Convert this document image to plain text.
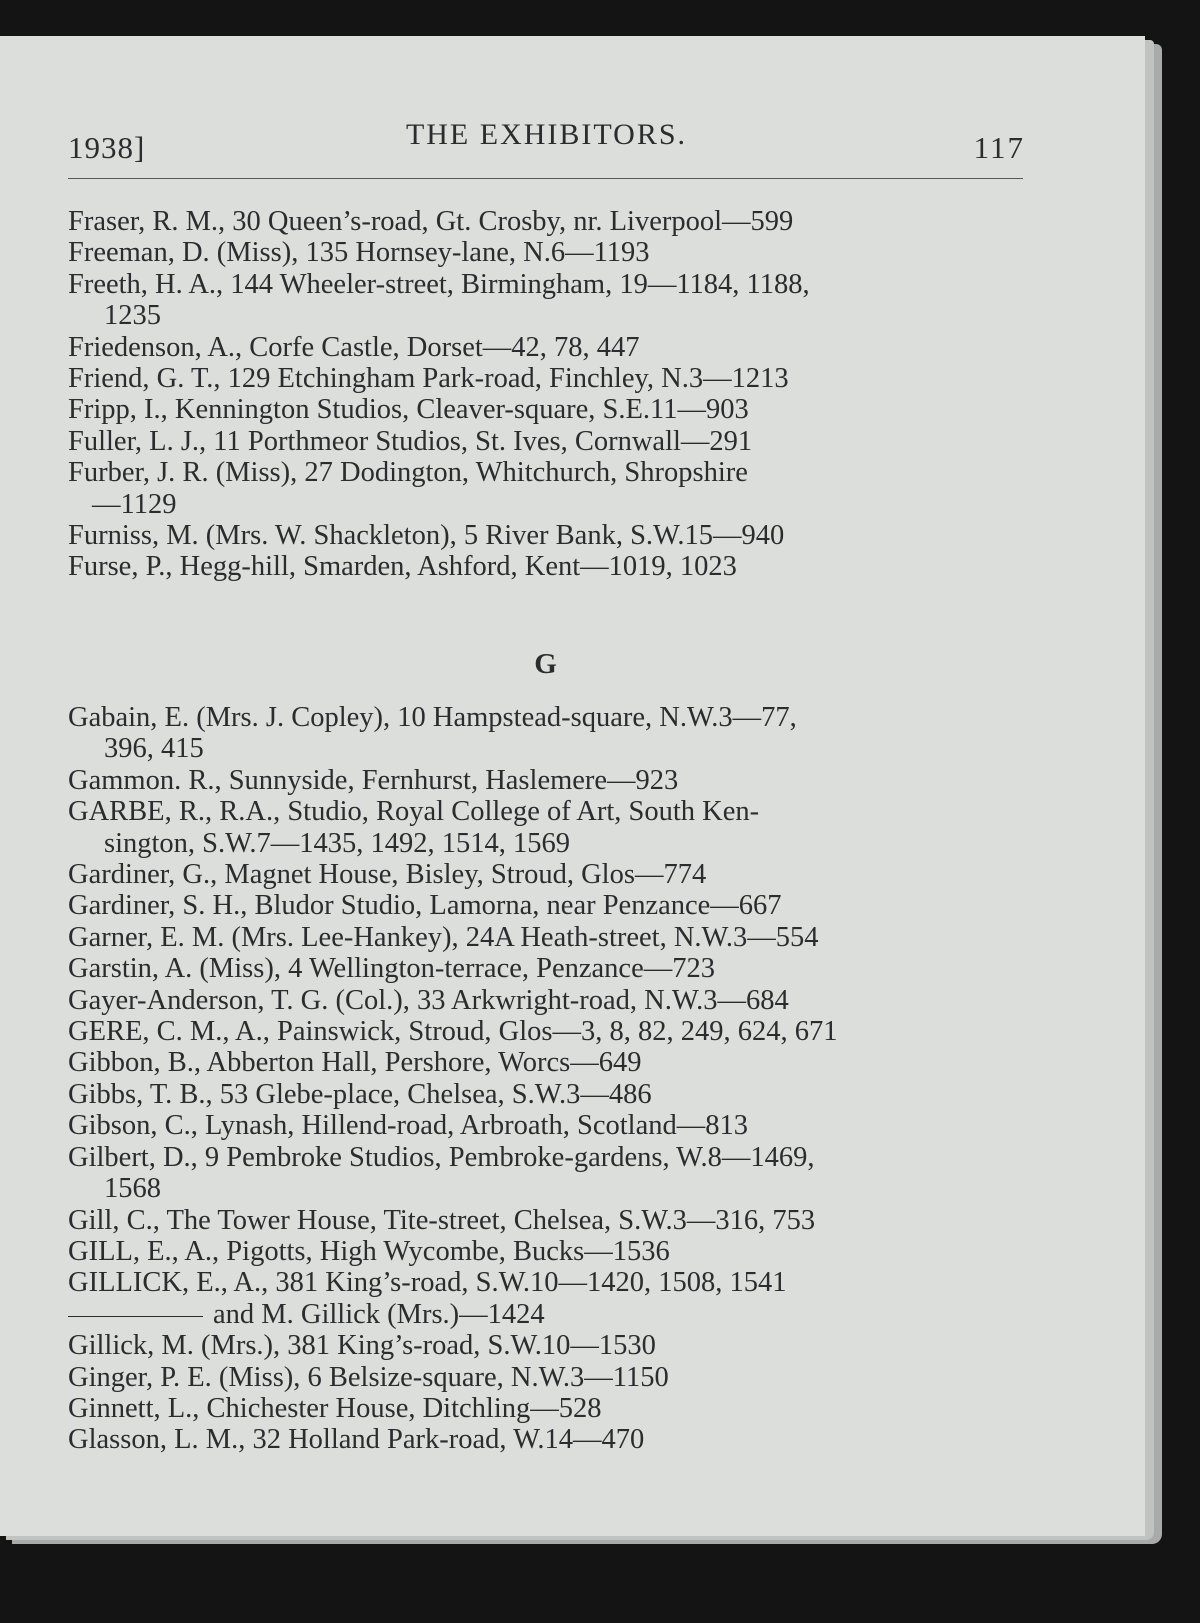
1938]	THE EXHIBITORS.	117
Fraser, R. M., 30 Queen’s-road, Gt. Crosby, nr. Liverpool—599
Freeman, D. (Miss), 135 Hornsey-lane, N.6—1193
Freeth, H. A., 144 Wheeler-street, Birmingham, 19—1184, 1188,
1235
Friedenson, A., Corfe Castle, Dorset—42, 78, 447
Friend, G. T., 129 Etchingham Park-road, Finchley, N.3—1213
Fripp, I., Kennington Studios, Cleaver-square, S.E.11—903
Fuller, L. J., 11 Porthmeor Studios, St. Ives, Cornwall—291
Furber, J. R. (Miss), 27 Dodington, Whitchurch, Shropshire
—1129
Furniss, M. (Mrs. W. Shackleton), 5 River Bank, S.W.15—940
Furse, P., Hegg-hill, Smarden, Ashford, Kent—1019, 1023
G
Gabain, E. (Mrs. J. Copley), 10 Hampstead-square, N.W.3—77,
396, 415
Gammon. R., Sunnyside, Fernhurst, Haslemere—923
GARBE, R., R.A., Studio, Royal College of Art, South Ken-
sington, S.W.7—1435, 1492, 1514, 1569
Gardiner, G., Magnet House, Bisley, Stroud, Glos—774
Gardiner, S. H., Bludor Studio, Lamorna, near Penzance—667
Garner, E. M. (Mrs. Lee-Hankey), 24A Heath-street, N.W.3—554
Garstin, A. (Miss), 4 Wellington-terrace, Penzance—723
Gayer-Anderson, T. G. (Col.), 33 Arkwright-road, N.W.3—684
GERE, C. M., A., Painswick, Stroud, Glos—3, 8, 82, 249, 624, 671
Gibbon, B., Abberton Hall, Pershore, Worcs—649
Gibbs, T. B., 53 Glebe-place, Chelsea, S.W.3—486
Gibson, C., Lynash, Hillend-road, Arbroath, Scotland—813
Gilbert, D., 9 Pembroke Studios, Pembroke-gardens, W.8—1469,
1568
Gill, C., The Tower House, Tite-street, Chelsea, S.W.3—316, 753
GILL, E., A., Pigotts, High Wycombe, Bucks—1536
GILLICK, E., A., 381 King’s-road, S.W.10—1420, 1508, 1541
and M. Gillick (Mrs.)—1424
Gillick, M. (Mrs.), 381 King’s-road, S.W.10—1530
Ginger, P. E. (Miss), 6 Belsize-square, N.W.3—1150
Ginnett, L., Chichester House, Ditchling—528
Glasson, L. M., 32 Holland Park-road, W.14—470
